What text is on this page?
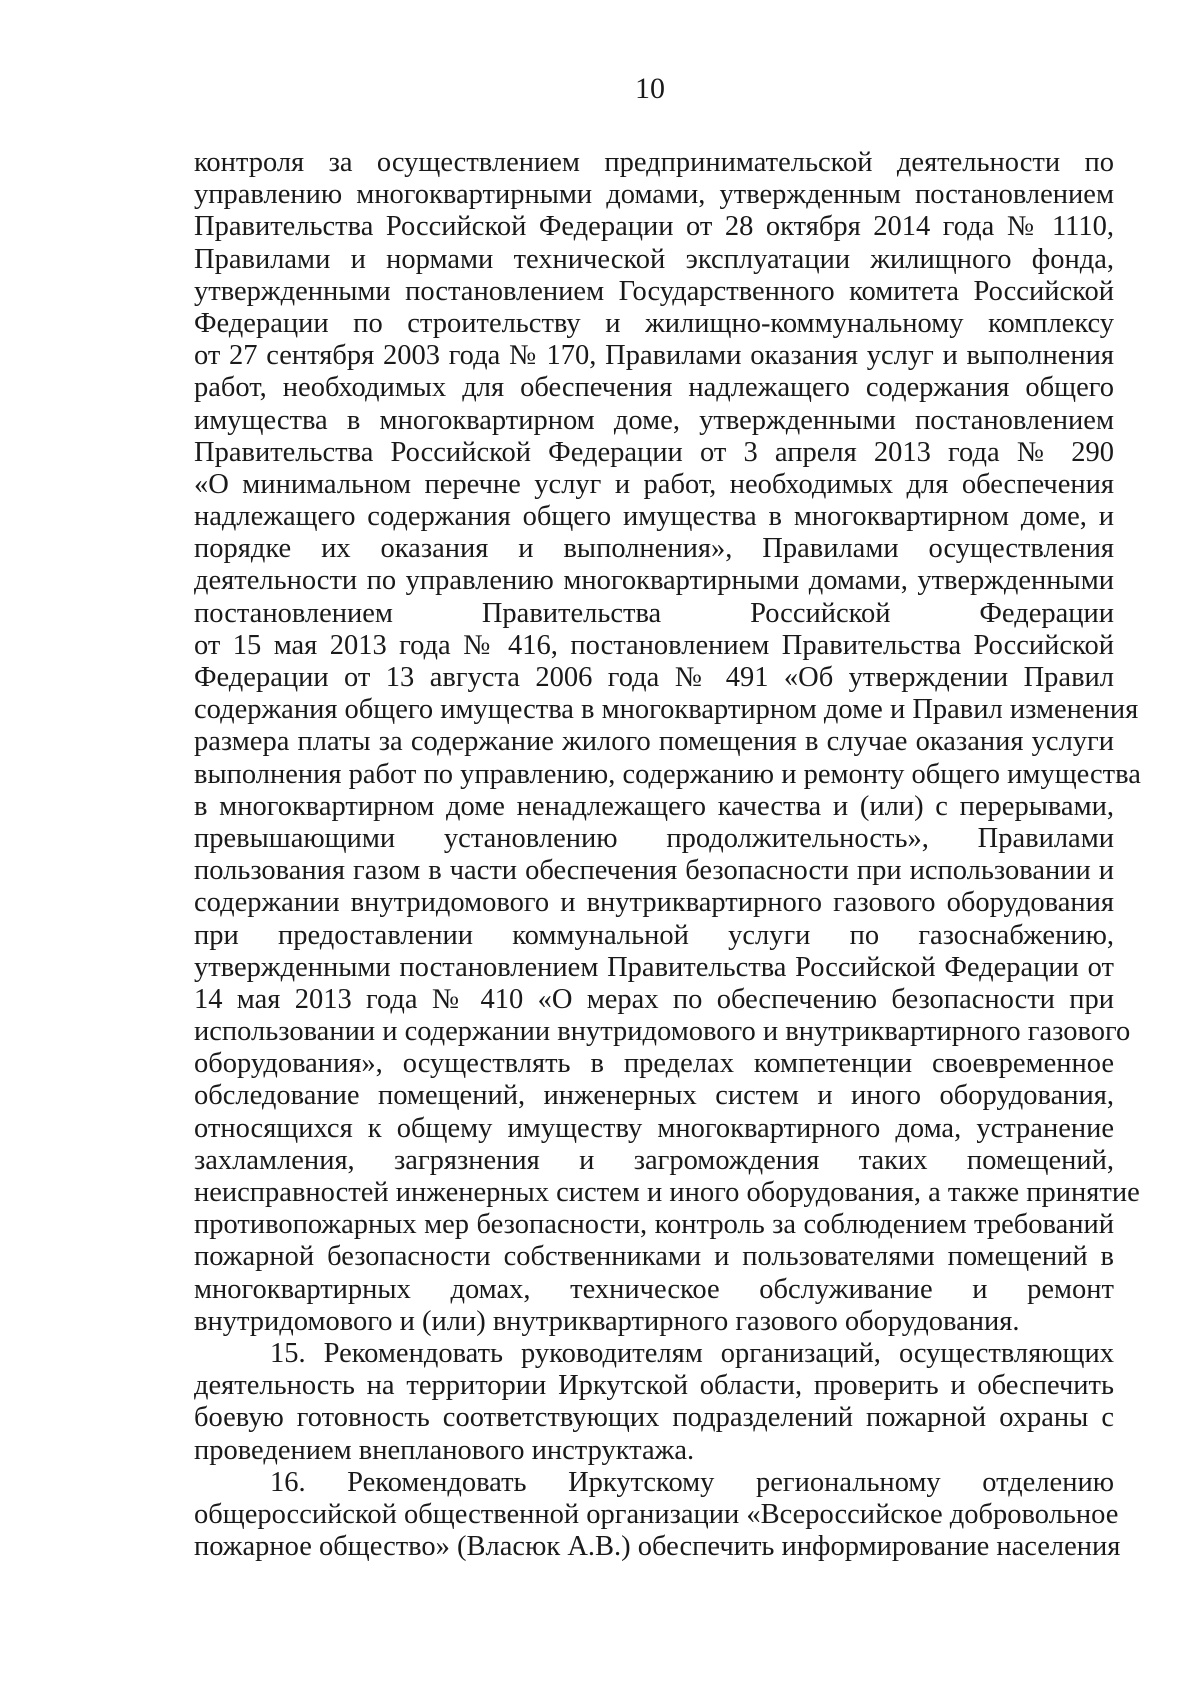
10
контроля за осуществлением предпринимательской деятельности по
управлению многоквартирными домами, утвержденным постановлением
Правительства Российской Федерации от 28 октября 2014 года № 1110,
Правилами и нормами технической эксплуатации жилищного фонда,
утвержденными постановлением Государственного комитета Российской
Федерации по строительству и жилищно-коммунальному комплексу
от 27 сентября 2003 года № 170, Правилами оказания услуг и выполнения
работ, необходимых для обеспечения надлежащего содержания общего
имущества в многоквартирном доме, утвержденными постановлением
Правительства Российской Федерации от 3 апреля 2013 года № 290
«О минимальном перечне услуг и работ, необходимых для обеспечения
надлежащего содержания общего имущества в многоквартирном доме, и
порядке их оказания и выполнения», Правилами осуществления
деятельности по управлению многоквартирными домами, утвержденными
постановлением Правительства Российской Федерации
от 15 мая 2013 года № 416, постановлением Правительства Российской
Федерации от 13 августа 2006 года № 491 «Об утверждении Правил
содержания общего имущества в многоквартирном доме и Правил изменения
размера платы за содержание жилого помещения в случае оказания услуги
выполнения работ по управлению, содержанию и ремонту общего имущества
в многоквартирном доме ненадлежащего качества и (или) с перерывами,
превышающими установлению продолжительность», Правилами
пользования газом в части обеспечения безопасности при использовании и
содержании внутридомового и внутриквартирного газового оборудования
при предоставлении коммунальной услуги по газоснабжению,
утвержденными постановлением Правительства Российской Федерации от
14 мая 2013 года № 410 «О мерах по обеспечению безопасности при
использовании и содержании внутридомового и внутриквартирного газового
оборудования», осуществлять в пределах компетенции своевременное
обследование помещений, инженерных систем и иного оборудования,
относящихся к общему имуществу многоквартирного дома, устранение
захламления, загрязнения и загромождения таких помещений,
неисправностей инженерных систем и иного оборудования, а также принятие
противопожарных мер безопасности, контроль за соблюдением требований
пожарной безопасности собственниками и пользователями помещений в
многоквартирных домах, техническое обслуживание и ремонт
внутридомового и (или) внутриквартирного газового оборудования.
15. Рекомендовать руководителям организаций, осуществляющих
деятельность на территории Иркутской области, проверить и обеспечить
боевую готовность соответствующих подразделений пожарной охраны с
проведением внепланового инструктажа.
16. Рекомендовать Иркутскому региональному отделению
общероссийской общественной организации «Всероссийское добровольное
пожарное общество» (Власюк А.В.) обеспечить информирование населения
